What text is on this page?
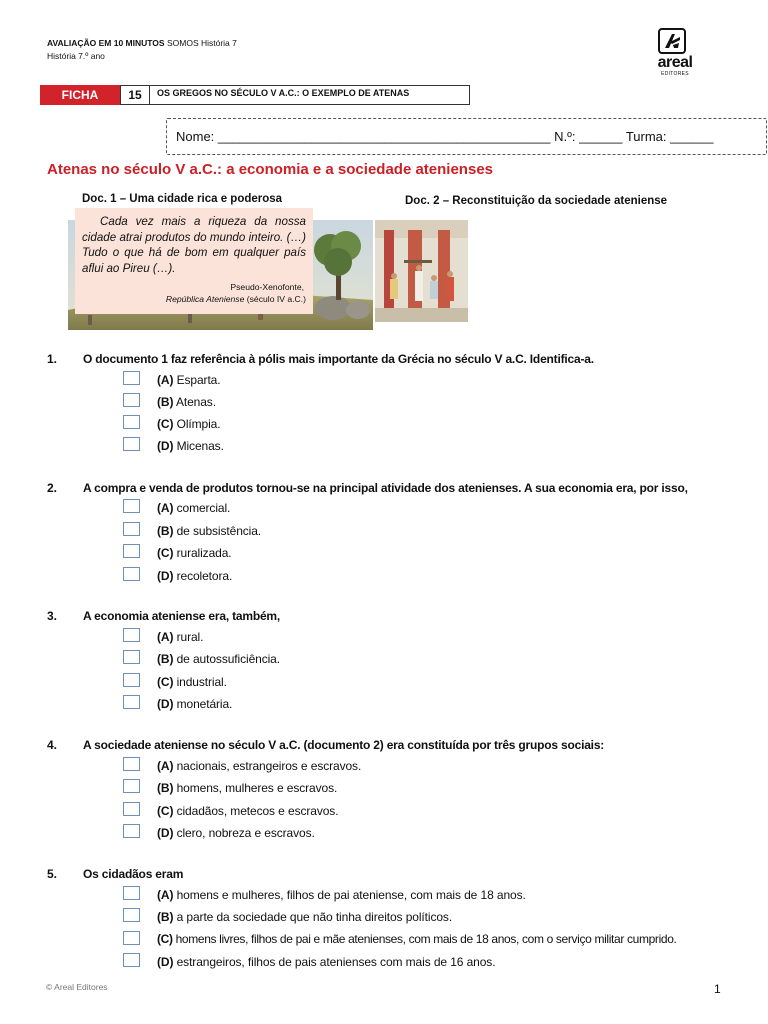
AVALIAÇÃO EM 10 MINUTOS SOMOS História 7
História 7.º ano	areal
EDITORES
FICHA	15	OS GREGOS NO SÉCULO V A.C.: O EXEMPLO DE ATENAS
Nome: ______________________________________________ N.º: ______ Turma: ______
Atenas no século V a.C.: a economia e a sociedade atenienses
Doc. 1 – Uma cidade rica e poderosa	Doc. 2 – Reconstituição da sociedade ateniense
Cada vez mais a riqueza da nossa cidade atrai produtos do mundo inteiro. (…) Tudo o que há de bom em qualquer país aflui ao Pireu (…).
Pseudo-Xenofonte,
República Ateniense (século IV a.C.)
1. O documento 1 faz referência à pólis mais importante da Grécia no século V a.C. Identifica-a.
(A) Esparta.
(B) Atenas.
(C) Olímpia.
(D) Micenas.
2. A compra e venda de produtos tornou-se na principal atividade dos atenienses. A sua economia era, por isso,
(A) comercial.
(B) de subsistência.
(C) ruralizada.
(D) recoletora.
3. A economia ateniense era, também,
(A) rural.
(B) de autossuficiência.
(C) industrial.
(D) monetária.
4. A sociedade ateniense no século V a.C. (documento 2) era constituída por três grupos sociais:
(A) nacionais, estrangeiros e escravos.
(B) homens, mulheres e escravos.
(C) cidadãos, metecos e escravos.
(D) clero, nobreza e escravos.
5. Os cidadãos eram
(A) homens e mulheres, filhos de pai ateniense, com mais de 18 anos.
(B) a parte da sociedade que não tinha direitos políticos.
(C) homens livres, filhos de pai e mãe atenienses, com mais de 18 anos, com o serviço militar cumprido.
(D) estrangeiros, filhos de pais atenienses com mais de 16 anos.
© Areal Editores	1
